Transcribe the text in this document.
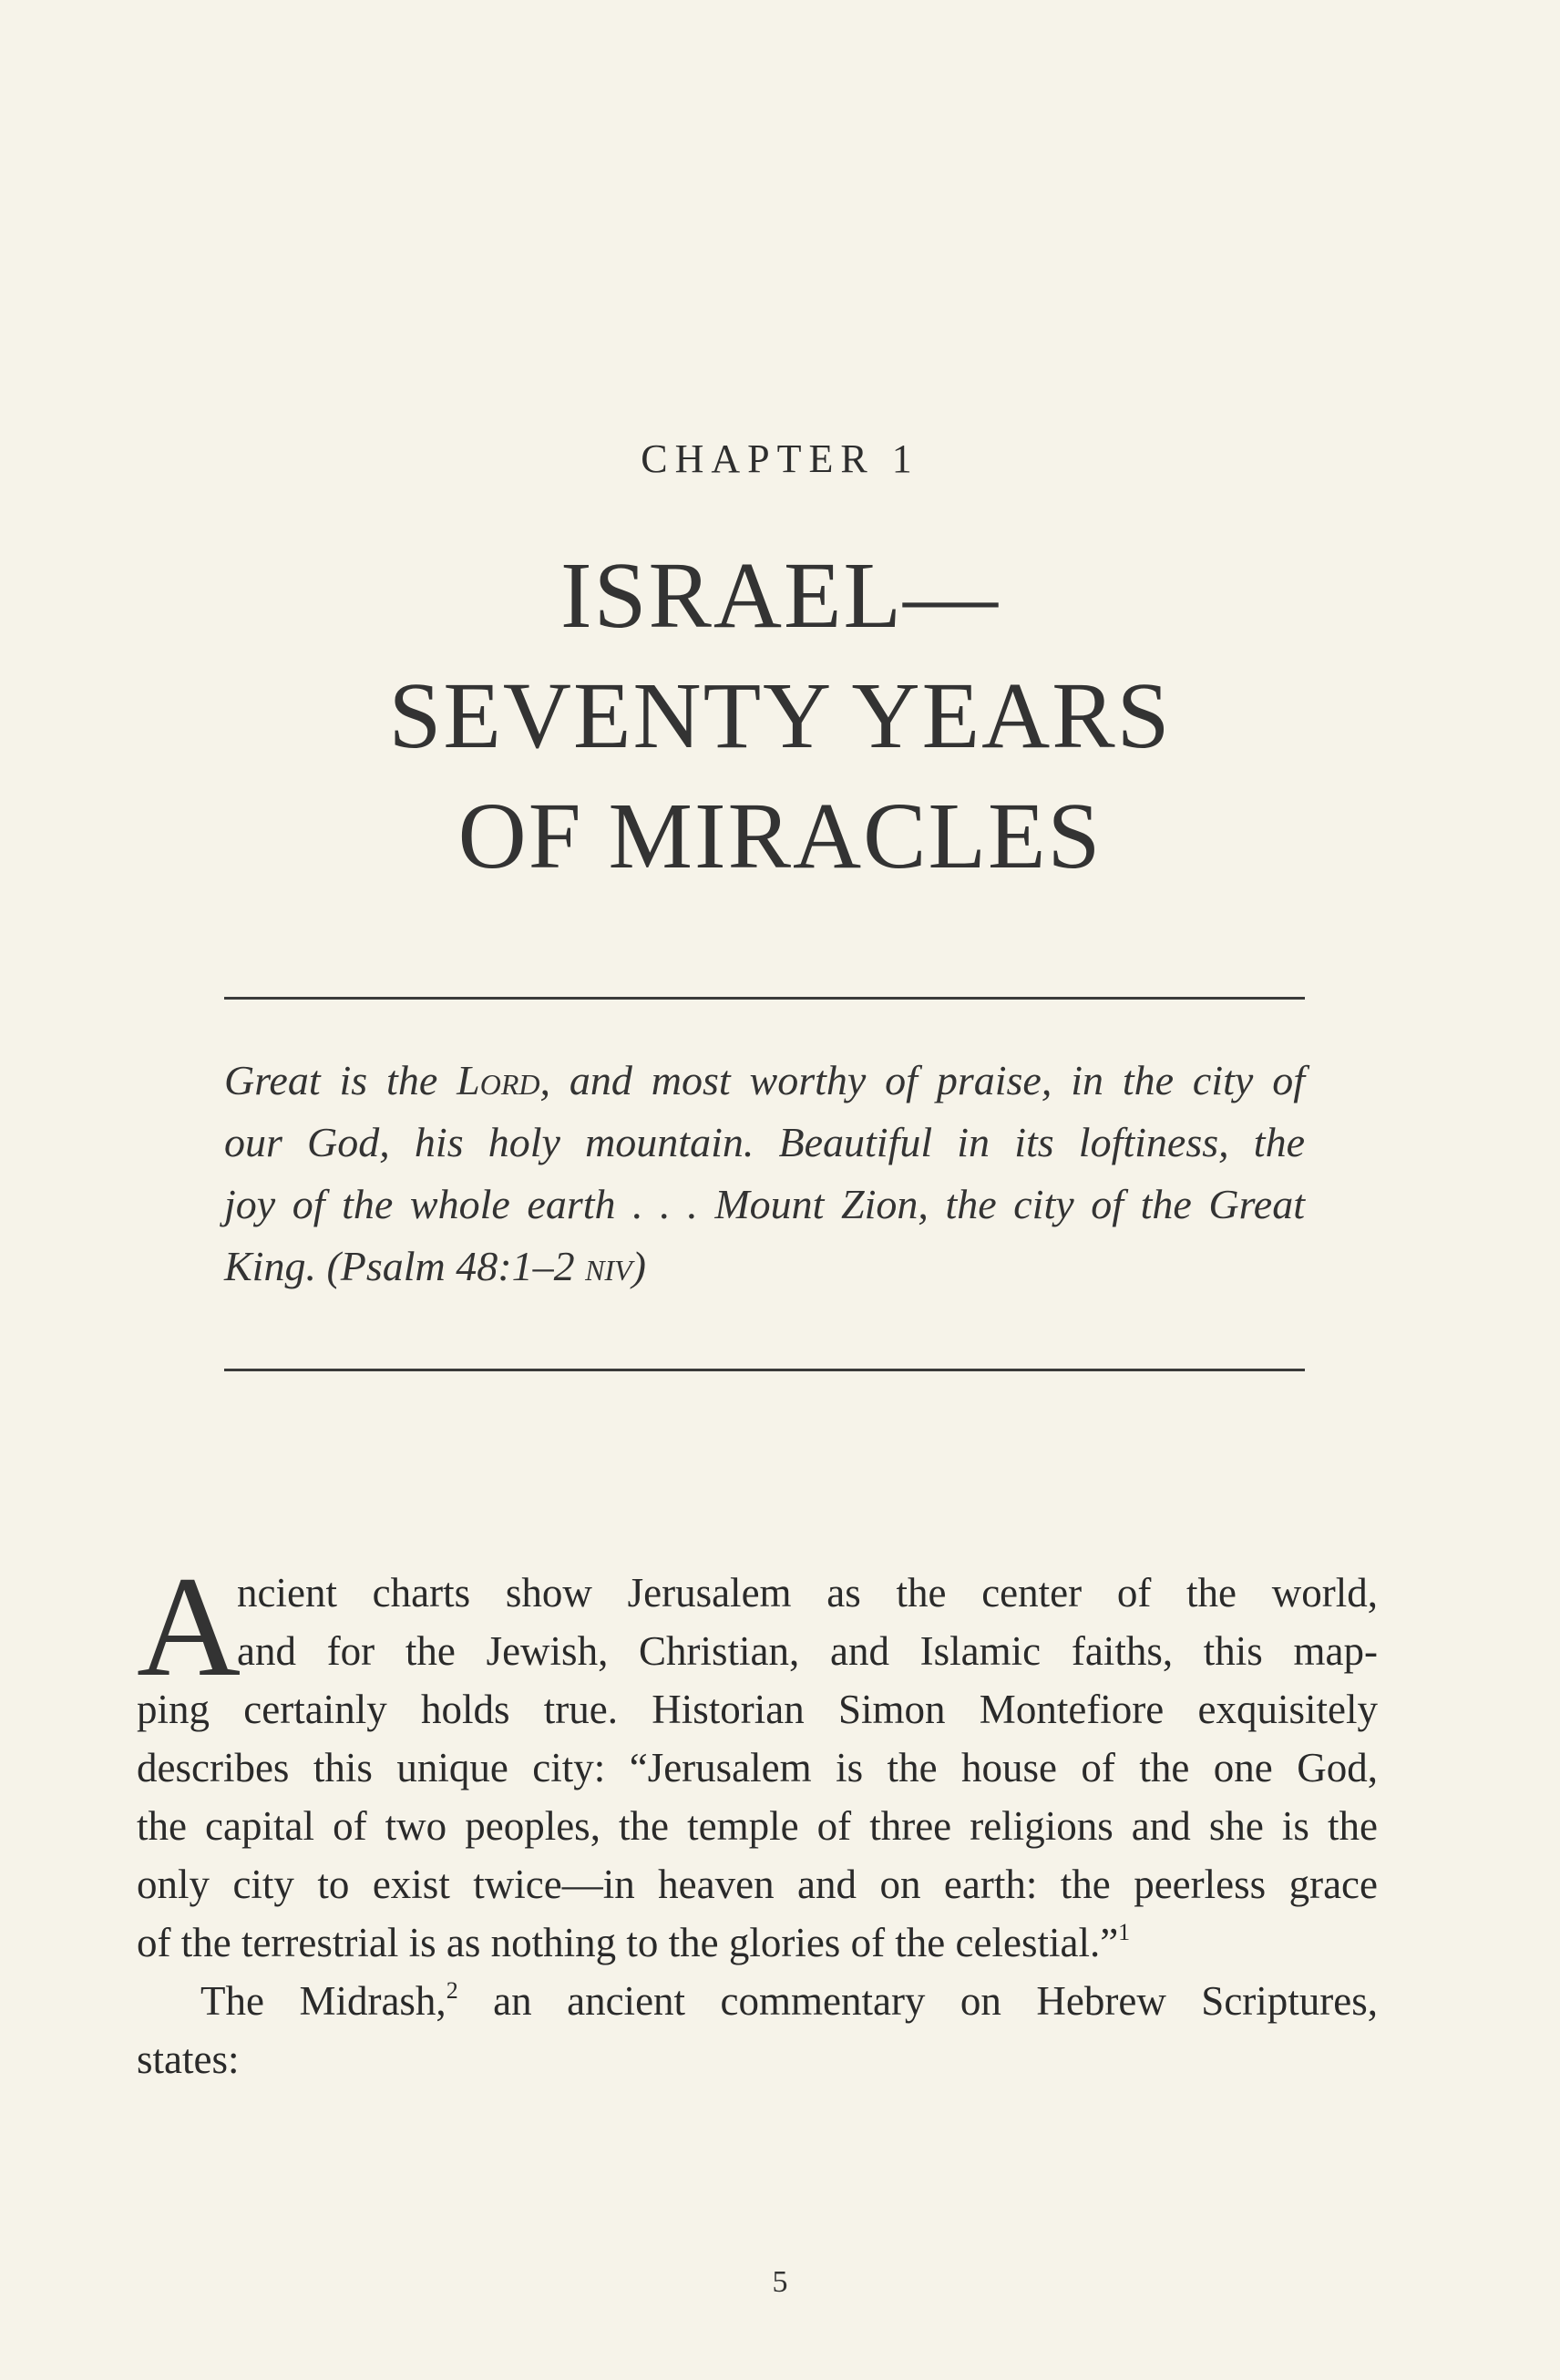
CHAPTER 1
ISRAEL—
SEVENTY YEARS
OF MIRACLES
Great is the Lord, and most worthy of praise, in the city of
our God, his holy mountain. Beautiful in its loftiness, the
joy of the whole earth . . . Mount Zion, the city of the Great
King. (Psalm 48:1–2 niv)
A
ncient charts show Jerusalem as the center of the world,
and for the Jewish, Christian, and Islamic faiths, this map-
ping certainly holds true. Historian Simon Montefiore exquisitely
describes this unique city: “Jerusalem is the house of the one God,
the capital of two peoples, the temple of three religions and she is the
only city to exist twice—in heaven and on earth: the peerless grace
of the terrestrial is as nothing to the glories of the celestial.”$^1$
The Midrash,$^2$ an ancient commentary on Hebrew Scriptures,
states:
5
